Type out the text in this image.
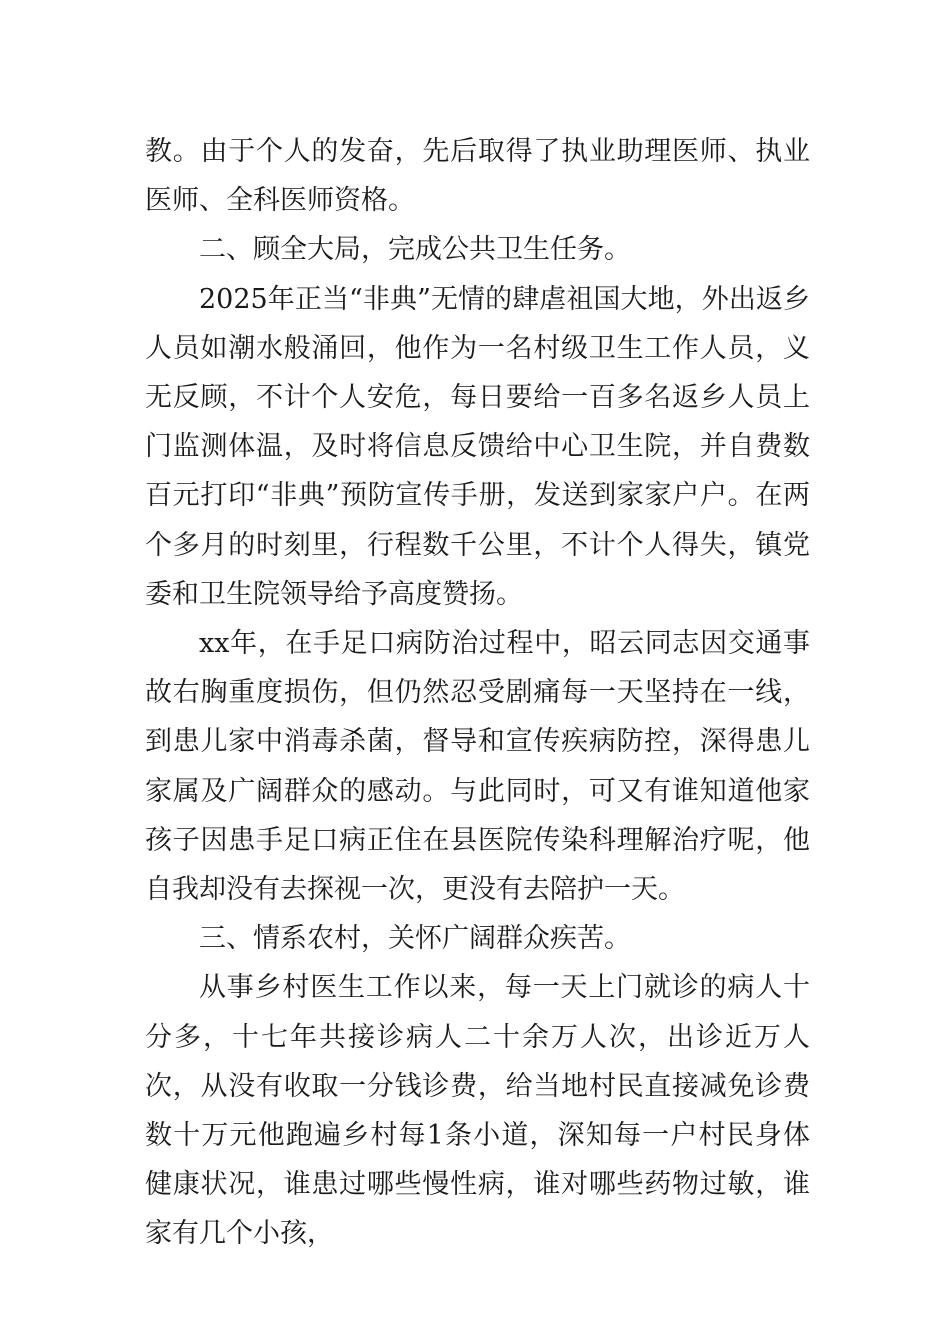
教。由于个人的发奋，先后取得了执业助理医师、执业医师、全科医师资格。

二、顾全大局，完成公共卫生任务。

2025年正当“非典”无情的肆虐祖国大地，外出返乡人员如潮水般涌回，他作为一名村级卫生工作人员，义无反顾，不计个人安危，每日要给一百多名返乡人员上门监测体温，及时将信息反馈给中心卫生院，并自费数百元打印“非典”预防宣传手册，发送到家家户户。在两个多月的时刻里，行程数千公里，不计个人得失，镇党委和卫生院领导给予高度赞扬。

xx年，在手足口病防治过程中，昭云同志因交通事故右胸重度损伤，但仍然忍受剧痛每一天坚持在一线，到患儿家中消毒杀菌，督导和宣传疾病防控，深得患儿家属及广阔群众的感动。与此同时，可又有谁知道他家孩子因患手足口病正住在县医院传染科理解治疗呢，他自我却没有去探视一次，更没有去陪护一天。

三、情系农村，关怀广阔群众疾苦。

从事乡村医生工作以来，每一天上门就诊的病人十分多，十七年共接诊病人二十余万人次，出诊近万人次，从没有收取一分钱诊费，给当地村民直接减免诊费数十万元他跑遍乡村每1条小道，深知每一户村民身体健康状况，谁患过哪些慢性病，谁对哪些药物过敏，谁家有几个小孩，
